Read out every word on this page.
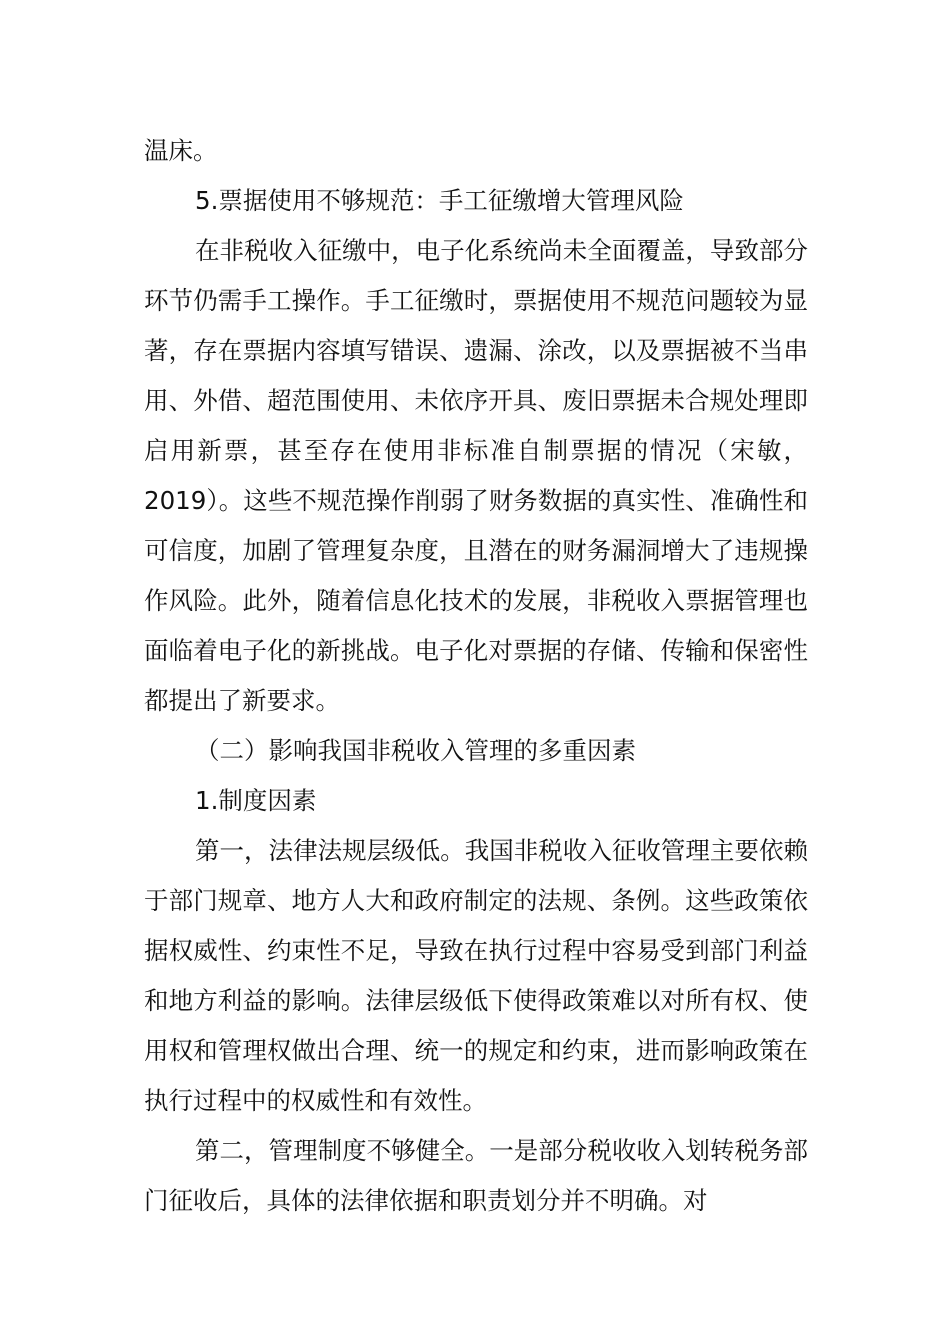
温床。

5.票据使用不够规范：手工征缴增大管理风险

在非税收入征缴中，电子化系统尚未全面覆盖，导致部分环节仍需手工操作。手工征缴时，票据使用不规范问题较为显著，存在票据内容填写错误、遗漏、涂改，以及票据被不当串用、外借、超范围使用、未依序开具、废旧票据未合规处理即启用新票，甚至存在使用非标准自制票据的情况（宋敏，2019）。这些不规范操作削弱了财务数据的真实性、准确性和可信度，加剧了管理复杂度，且潜在的财务漏洞增大了违规操作风险。此外，随着信息化技术的发展，非税收入票据管理也面临着电子化的新挑战。电子化对票据的存储、传输和保密性都提出了新要求。

（二）影响我国非税收入管理的多重因素

1.制度因素

第一，法律法规层级低。我国非税收入征收管理主要依赖于部门规章、地方人大和政府制定的法规、条例。这些政策依据权威性、约束性不足，导致在执行过程中容易受到部门利益和地方利益的影响。法律层级低下使得政策难以对所有权、使用权和管理权做出合理、统一的规定和约束，进而影响政策在执行过程中的权威性和有效性。

第二，管理制度不够健全。一是部分税收收入划转税务部门征收后，具体的法律依据和职责划分并不明确。对
